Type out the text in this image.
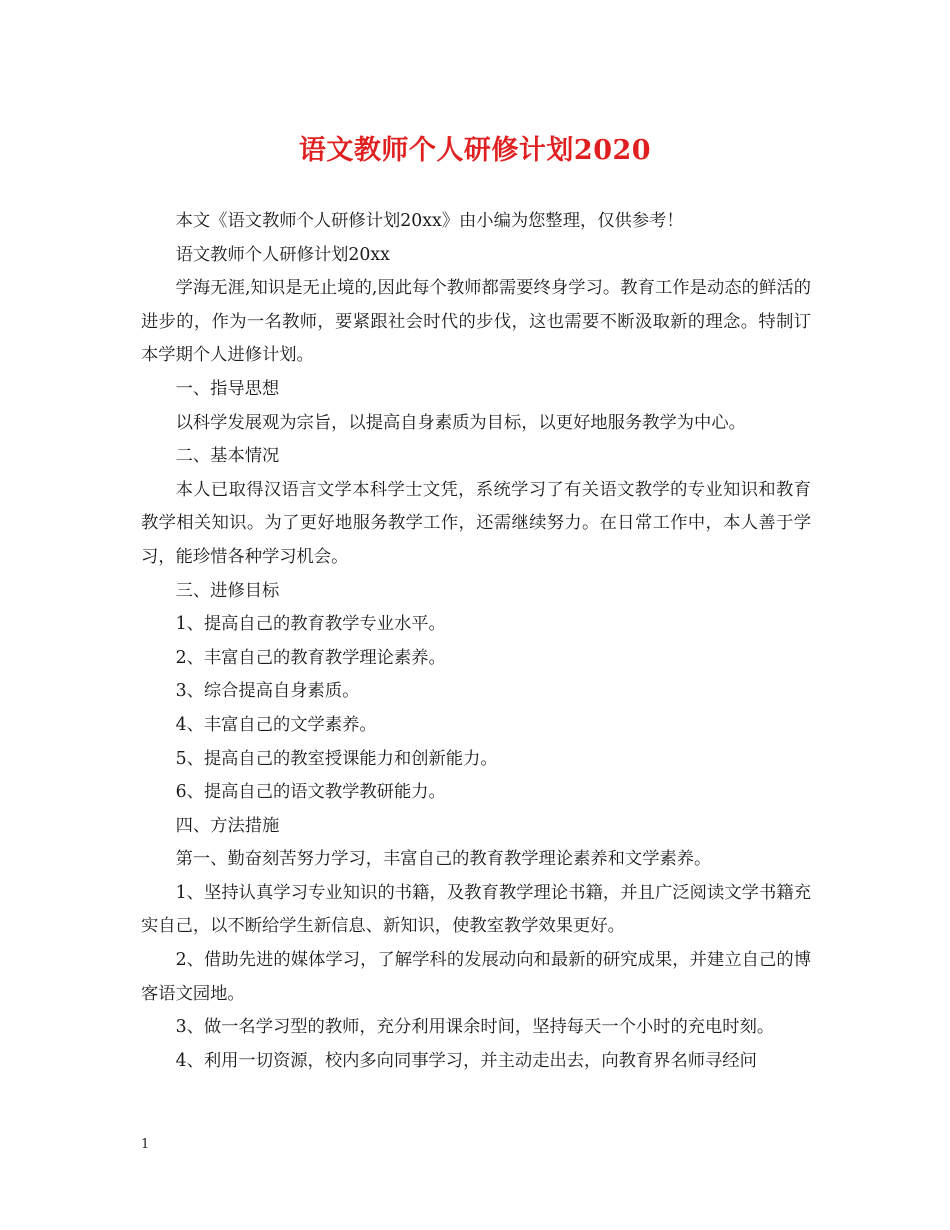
语文教师个人研修计划2020

本文《语文教师个人研修计划20xx》由小编为您整理，仅供参考！

语文教师个人研修计划20xx

学海无涯,知识是无止境的,因此每个教师都需要终身学习。教育工作是动态的鲜活的进步的，作为一名教师，要紧跟社会时代的步伐，这也需要不断汲取新的理念。特制订本学期个人进修计划。

一、指导思想

以科学发展观为宗旨，以提高自身素质为目标，以更好地服务教学为中心。

二、基本情况

本人已取得汉语言文学本科学士文凭，系统学习了有关语文教学的专业知识和教育教学相关知识。为了更好地服务教学工作，还需继续努力。在日常工作中，本人善于学习，能珍惜各种学习机会。

三、进修目标

1、提高自己的教育教学专业水平。

2、丰富自己的教育教学理论素养。

3、综合提高自身素质。

4、丰富自己的文学素养。

5、提高自己的教室授课能力和创新能力。

6、提高自己的语文教学教研能力。

四、方法措施

第一、勤奋刻苦努力学习，丰富自己的教育教学理论素养和文学素养。

1、坚持认真学习专业知识的书籍，及教育教学理论书籍，并且广泛阅读文学书籍充实自己，以不断给学生新信息、新知识，使教室教学效果更好。

2、借助先进的媒体学习，了解学科的发展动向和最新的研究成果，并建立自己的博客语文园地。

3、做一名学习型的教师，充分利用课余时间，坚持每天一个小时的充电时刻。

4、利用一切资源，校内多向同事学习，并主动走出去，向教育界名师寻经问

1
